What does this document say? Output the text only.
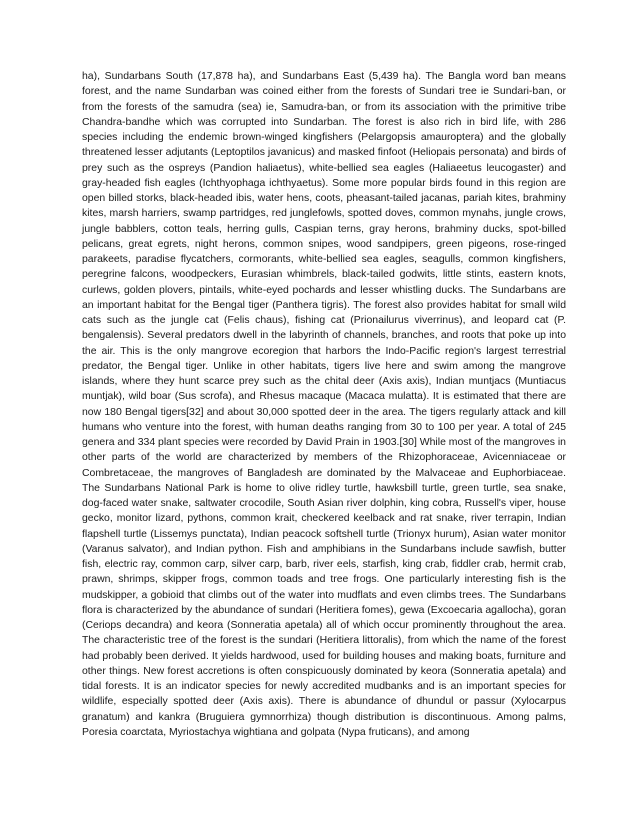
ha), Sundarbans South (17,878 ha), and Sundarbans East (5,439 ha). The Bangla word ban means forest, and the name Sundarban was coined either from the forests of Sundari tree ie Sundari-ban, or from the forests of the samudra (sea) ie, Samudra-ban, or from its association with the primitive tribe Chandra-bandhe which was corrupted into Sundarban. The forest is also rich in bird life, with 286 species including the endemic brown-winged kingfishers (Pelargopsis amauroptera) and the globally threatened lesser adjutants (Leptoptilos javanicus) and masked finfoot (Heliopais personata) and birds of prey such as the ospreys (Pandion haliaetus), white-bellied sea eagles (Haliaeetus leucogaster) and gray-headed fish eagles (Ichthyophaga ichthyaetus). Some more popular birds found in this region are open billed storks, black-headed ibis, water hens, coots, pheasant-tailed jacanas, pariah kites, brahminy kites, marsh harriers, swamp partridges, red junglefowls, spotted doves, common mynahs, jungle crows, jungle babblers, cotton teals, herring gulls, Caspian terns, gray herons, brahminy ducks, spot-billed pelicans, great egrets, night herons, common snipes, wood sandpipers, green pigeons, rose-ringed parakeets, paradise flycatchers, cormorants, white-bellied sea eagles, seagulls, common kingfishers, peregrine falcons, woodpeckers, Eurasian whimbrels, black-tailed godwits, little stints, eastern knots, curlews, golden plovers, pintails, white-eyed pochards and lesser whistling ducks. The Sundarbans are an important habitat for the Bengal tiger (Panthera tigris). The forest also provides habitat for small wild cats such as the jungle cat (Felis chaus), fishing cat (Prionailurus viverrinus), and leopard cat (P. bengalensis). Several predators dwell in the labyrinth of channels, branches, and roots that poke up into the air. This is the only mangrove ecoregion that harbors the Indo-Pacific region's largest terrestrial predator, the Bengal tiger. Unlike in other habitats, tigers live here and swim among the mangrove islands, where they hunt scarce prey such as the chital deer (Axis axis), Indian muntjacs (Muntiacus muntjak), wild boar (Sus scrofa), and Rhesus macaque (Macaca mulatta). It is estimated that there are now 180 Bengal tigers[32] and about 30,000 spotted deer in the area. The tigers regularly attack and kill humans who venture into the forest, with human deaths ranging from 30 to 100 per year. A total of 245 genera and 334 plant species were recorded by David Prain in 1903.[30] While most of the mangroves in other parts of the world are characterized by members of the Rhizophoraceae, Avicenniaceae or Combretaceae, the mangroves of Bangladesh are dominated by the Malvaceae and Euphorbiaceae. The Sundarbans National Park is home to olive ridley turtle, hawksbill turtle, green turtle, sea snake, dog-faced water snake, saltwater crocodile, South Asian river dolphin, king cobra, Russell's viper, house gecko, monitor lizard, pythons, common krait, checkered keelback and rat snake, river terrapin, Indian flapshell turtle (Lissemys punctata), Indian peacock softshell turtle (Trionyx hurum), Asian water monitor (Varanus salvator), and Indian python. Fish and amphibians in the Sundarbans include sawfish, butter fish, electric ray, common carp, silver carp, barb, river eels, starfish, king crab, fiddler crab, hermit crab, prawn, shrimps, skipper frogs, common toads and tree frogs. One particularly interesting fish is the mudskipper, a gobioid that climbs out of the water into mudflats and even climbs trees. The Sundarbans flora is characterized by the abundance of sundari (Heritiera fomes), gewa (Excoecaria agallocha), goran (Ceriops decandra) and keora (Sonneratia apetala) all of which occur prominently throughout the area. The characteristic tree of the forest is the sundari (Heritiera littoralis), from which the name of the forest had probably been derived. It yields hardwood, used for building houses and making boats, furniture and other things. New forest accretions is often conspicuously dominated by keora (Sonneratia apetala) and tidal forests. It is an indicator species for newly accredited mudbanks and is an important species for wildlife, especially spotted deer (Axis axis). There is abundance of dhundul or passur (Xylocarpus granatum) and kankra (Bruguiera gymnorrhiza) though distribution is discontinuous. Among palms, Poresia coarctata, Myriostachya wightiana and golpata (Nypa fruticans), and among
